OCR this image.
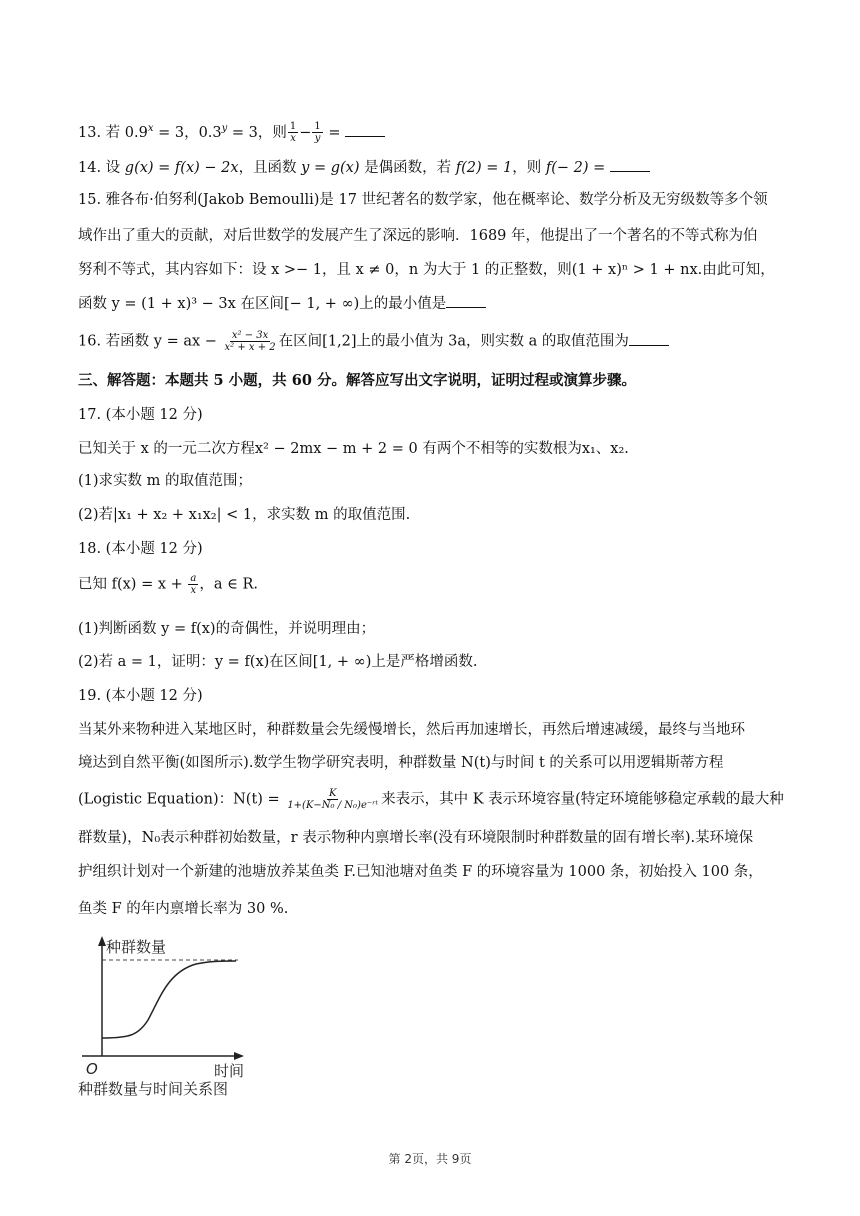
13. 若 $0.9^x = 3$，$0.3^y = 3$，则 $\frac{1}{x} - \frac{1}{y}$ =
14. 设 g(x) = f(x) − 2x，且函数 y = g(x) 是偶函数，若 f(2) = 1，则 f(− 2) =
15. 雅各布·伯努利(Jakob Bemoulli)是 17 世纪著名的数学家，他在概率论、数学分析及无穷级数等多个领
域作出了重大的贡献，对后世数学的发展产生了深远的影响．1689 年，他提出了一个著名的不等式称为伯
努利不等式，其内容如下：设 x >− 1，且 x ≠ 0，n 为大于 1 的正整数，则(1 + x)ⁿ > 1 + nx.由此可知，
函数 y = (1 + x)³ − 3x 在区间[− 1, + ∞)上的最小值是
16. 若函数 y = ax − $\frac{\text{x² − 3x}}{\text{x² + x + 2}}$ 在区间[1,2]上的最小值为 3a，则实数 a 的取值范围为
三、解答题：本题共 5 小题，共 60 分。解答应写出文字说明，证明过程或演算步骤。
17. (本小题 12 分)
已知关于 x 的一元二次方程x² − 2mx − m + 2 = 0 有两个不相等的实数根为x₁、x₂.
(1)求实数 m 的取值范围；
(2)若|x₁ + x₂ + x₁x₂| < 1，求实数 m 的取值范围.
18. (本小题 12 分)
已知 $f(x) = x + \frac{a}{x}$ ，a ∈ R.
(1)判断函数 y = f(x)的奇偶性，并说明理由；
(2)若 a = 1，证明：y = f(x)在区间[1, + ∞)上是严格增函数.
19. (本小题 12 分)
当某外来物种进入某地区时，种群数量会先缓慢增长，然后再加速增长，再然后增速减缓，最终与当地环
境达到自然平衡(如图所示).数学生物学研究表明，种群数量 N(t)与时间 t 的关系可以用逻辑斯蒂方程
(Logistic Equation)：$N(t) = \frac{K}{\text{1+(K−N₀ / N₀)e⁻ʳᵗ}}$ 来表示，其中 K 表示环境容量(特定环境能够稳定承载的最大种
群数量)，N₀表示种群初始数量，r 表示物种内禀增长率(没有环境限制时种群数量的固有增长率).某环境保
护组织计划对一个新建的池塘放养某鱼类 F.已知池塘对鱼类 F 的环境容量为 1000 条，初始投入 100 条，
鱼类 F 的年内禀增长率为 30 %.
种群数量
时间
O
种群数量与时间关系图
第 2页，共 9页
